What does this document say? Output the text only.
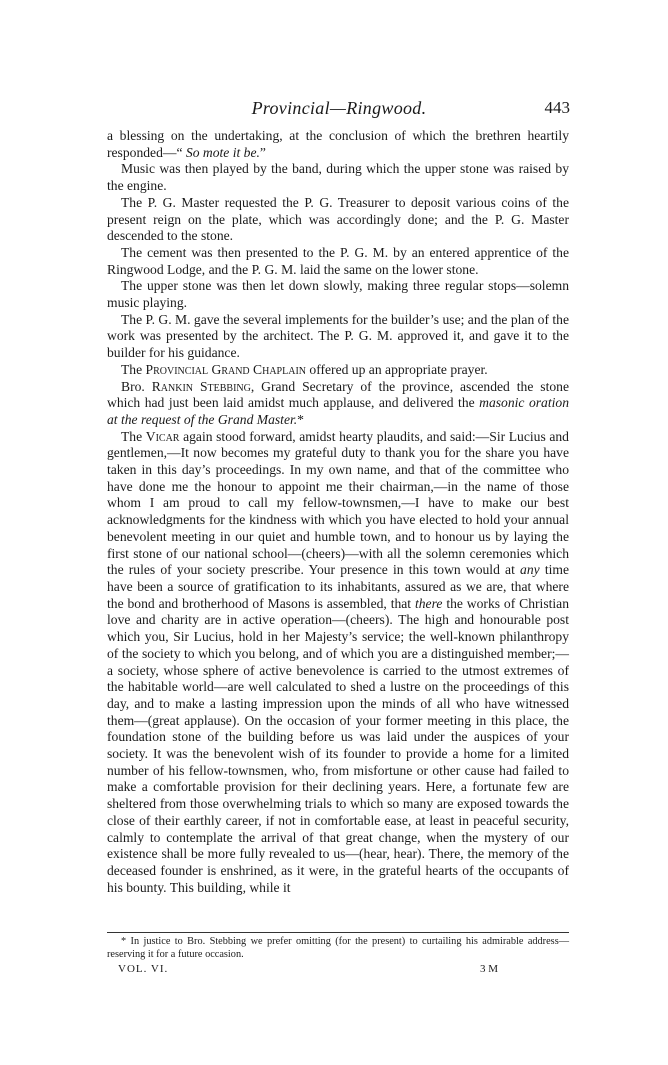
Provincial—Ringwood.	443

a blessing on the undertaking, at the conclusion of which the brethren heartily responded—“ So mote it be.”

Music was then played by the band, during which the upper stone was raised by the engine.

The P. G. Master requested the P. G. Treasurer to deposit various coins of the present reign on the plate, which was accordingly done; and the P. G. Master descended to the stone.

The cement was then presented to the P. G. M. by an entered apprentice of the Ringwood Lodge, and the P. G. M. laid the same on the lower stone.

The upper stone was then let down slowly, making three regular stops—solemn music playing.

The P. G. M. gave the several implements for the builder’s use; and the plan of the work was presented by the architect. The P. G. M. approved it, and gave it to the builder for his guidance.

The Provincial Grand Chaplain offered up an appropriate prayer.

Bro. Rankin Stebbing, Grand Secretary of the province, ascended the stone which had just been laid amidst much applause, and delivered the masonic oration at the request of the Grand Master.*

The Vicar again stood forward, amidst hearty plaudits, and said:—Sir Lucius and gentlemen,—It now becomes my grateful duty to thank you for the share you have taken in this day’s proceedings. In my own name, and that of the committee who have done me the honour to appoint me their chairman,—in the name of those whom I am proud to call my fellow-townsmen,—I have to make our best acknowledgments for the kindness with which you have elected to hold your annual benevolent meeting in our quiet and humble town, and to honour us by laying the first stone of our national school—(cheers)—with all the solemn ceremonies which the rules of your society prescribe. Your presence in this town would at any time have been a source of gratification to its inhabitants, assured as we are, that where the bond and brotherhood of Masons is assembled, that there the works of Christian love and charity are in active operation—(cheers). The high and honourable post which you, Sir Lucius, hold in her Majesty’s service; the well-known philanthropy of the society to which you belong, and of which you are a distinguished member;—a society, whose sphere of active benevolence is carried to the utmost extremes of the habitable world—are well calculated to shed a lustre on the proceedings of this day, and to make a lasting impression upon the minds of all who have witnessed them—(great applause). On the occasion of your former meeting in this place, the foundation stone of the building before us was laid under the auspices of your society. It was the benevolent wish of its founder to provide a home for a limited number of his fellow-townsmen, who, from misfortune or other cause had failed to make a comfortable provision for their declining years. Here, a fortunate few are sheltered from those overwhelming trials to which so many are exposed towards the close of their earthly career, if not in comfortable ease, at least in peaceful security, calmly to contemplate the arrival of that great change, when the mystery of our existence shall be more fully revealed to us—(hear, hear). There, the memory of the deceased founder is enshrined, as it were, in the grateful hearts of the occupants of his bounty. This building, while it

* In justice to Bro. Stebbing we prefer omitting (for the present) to curtailing his admirable address—reserving it for a future occasion.

VOL. VI.	3 M
